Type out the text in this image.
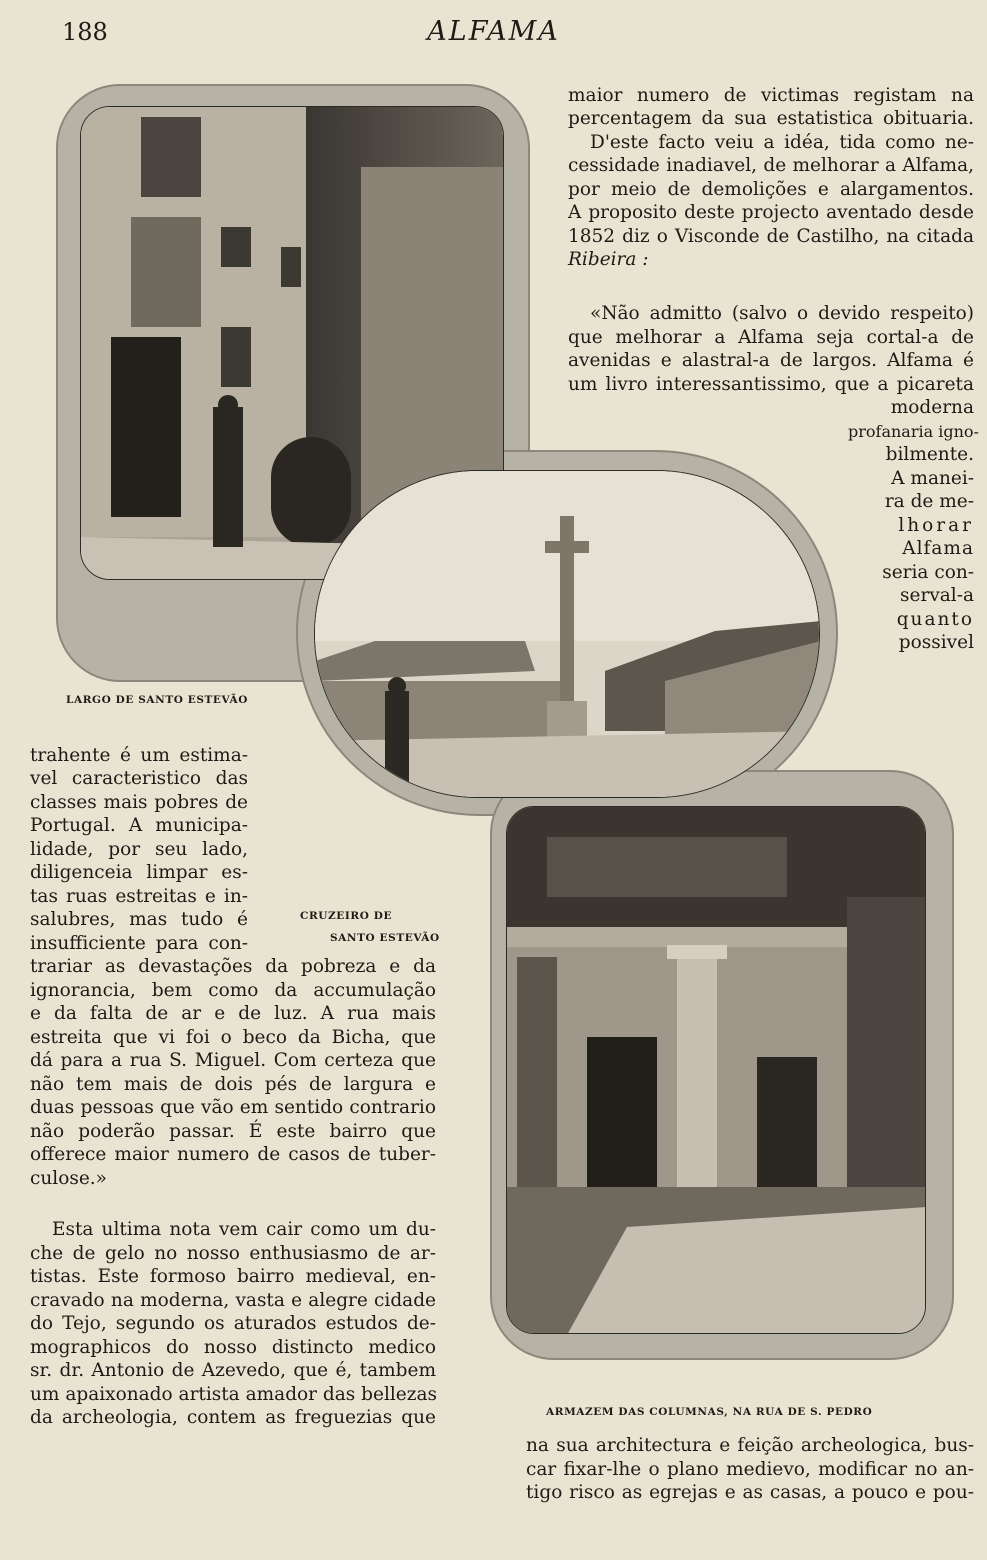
188	ALFAMA
maior numero de victimas registam na
percentagem da sua estatistica obituaria.
D'este facto veiu a idéa, tida como ne-
cessidade inadiavel, de melhorar a Alfama,
por meio de demolições e alargamentos.
A proposito deste projecto aventado desde
1852 diz o Visconde de Castilho, na citada
Ribeira :
«Não admitto (salvo o devido respeito)
que melhorar a Alfama seja cortal-a de
avenidas e alastral-a de largos. Alfama é
um livro interessantissimo, que a picareta
moderna
profanaria igno-
bilmente.
A manei-
ra de me-
lhorar
Alfama
seria con-
serval-a
quanto
possivel
LARGO DE SANTO ESTEVÃO
CRUZEIRO DE
SANTO ESTEVÃO
ARMAZEM DAS COLUMNAS, NA RUA DE S. PEDRO
trahente é um estima-
vel caracteristico das
classes mais pobres de
Portugal. A municipa-
lidade, por seu lado,
diligenceia limpar es-
tas ruas estreitas e in-
salubres, mas tudo é
insufficiente para con-
trariar as devastações da pobreza e da
ignorancia, bem como da accumulação
e da falta de ar e de luz. A rua mais
estreita que vi foi o beco da Bicha, que
dá para a rua S. Miguel. Com certeza que
não tem mais de dois pés de largura e
duas pessoas que vão em sentido contrario
não poderão passar. É este bairro que
offerece maior numero de casos de tuber-
culose.»
Esta ultima nota vem cair como um du-
che de gelo no nosso enthusiasmo de ar-
tistas. Este formoso bairro medieval, en-
cravado na moderna, vasta e alegre cidade
do Tejo, segundo os aturados estudos de-
mographicos do nosso distincto medico
sr. dr. Antonio de Azevedo, que é, tambem
um apaixonado artista amador das bellezas
da archeologia, contem as freguezias que
na sua architectura e feição archeologica, bus-
car fixar-lhe o plano medievo, modificar no an-
tigo risco as egrejas e as casas, a pouco e pou-
